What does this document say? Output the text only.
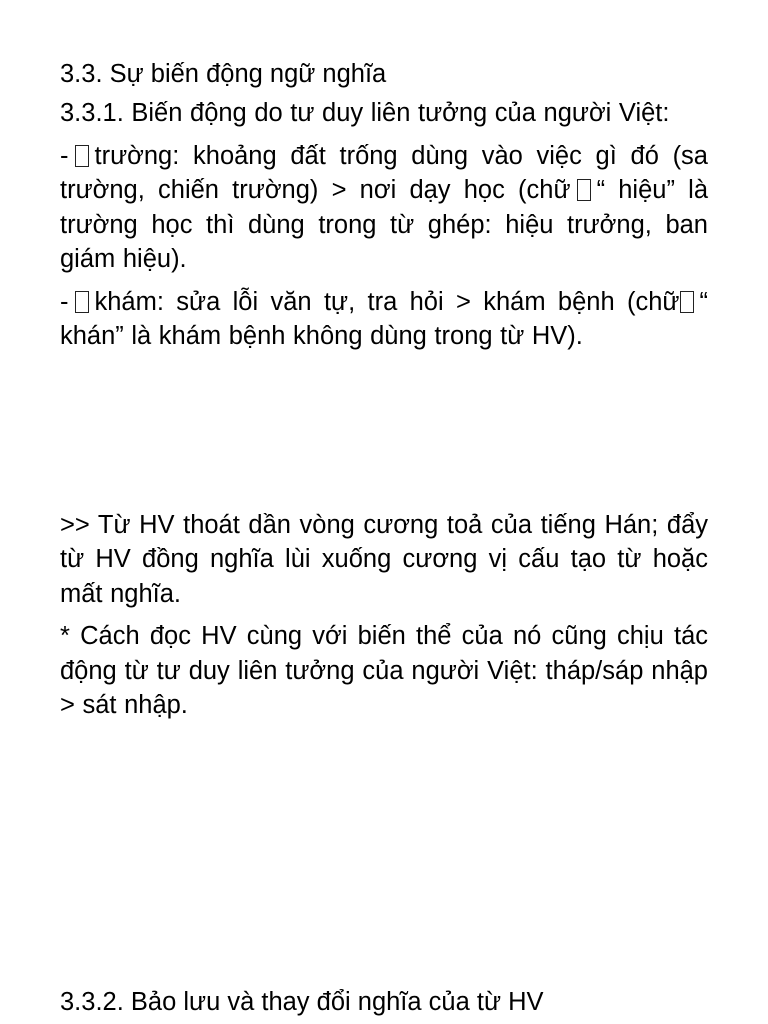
3.3. Sự biến động ngữ nghĩa

3.3.1. Biến động do tư duy liên tưởng của người Việt:

- trường: khoảng đất trống dùng vào việc gì đó (sa trường, chiến trường) > nơi dạy học (chữ “ hiệu” là trường học thì dùng trong từ ghép: hiệu trưởng, ban giám hiệu).

- khám: sửa lỗi văn tự, tra hỏi > khám bệnh (chữ “ khán” là khám bệnh không dùng trong từ HV).

>> Từ HV thoát dần vòng cương toả của tiếng Hán; đẩy từ HV đồng nghĩa lùi xuống cương vị cấu tạo từ hoặc mất nghĩa.

* Cách đọc HV cùng với biến thể của nó cũng chịu tác động từ tư duy liên tưởng của người Việt: tháp/sáp nhập > sát nhập.

3.3.2. Bảo lưu và thay đổi nghĩa của từ HV
